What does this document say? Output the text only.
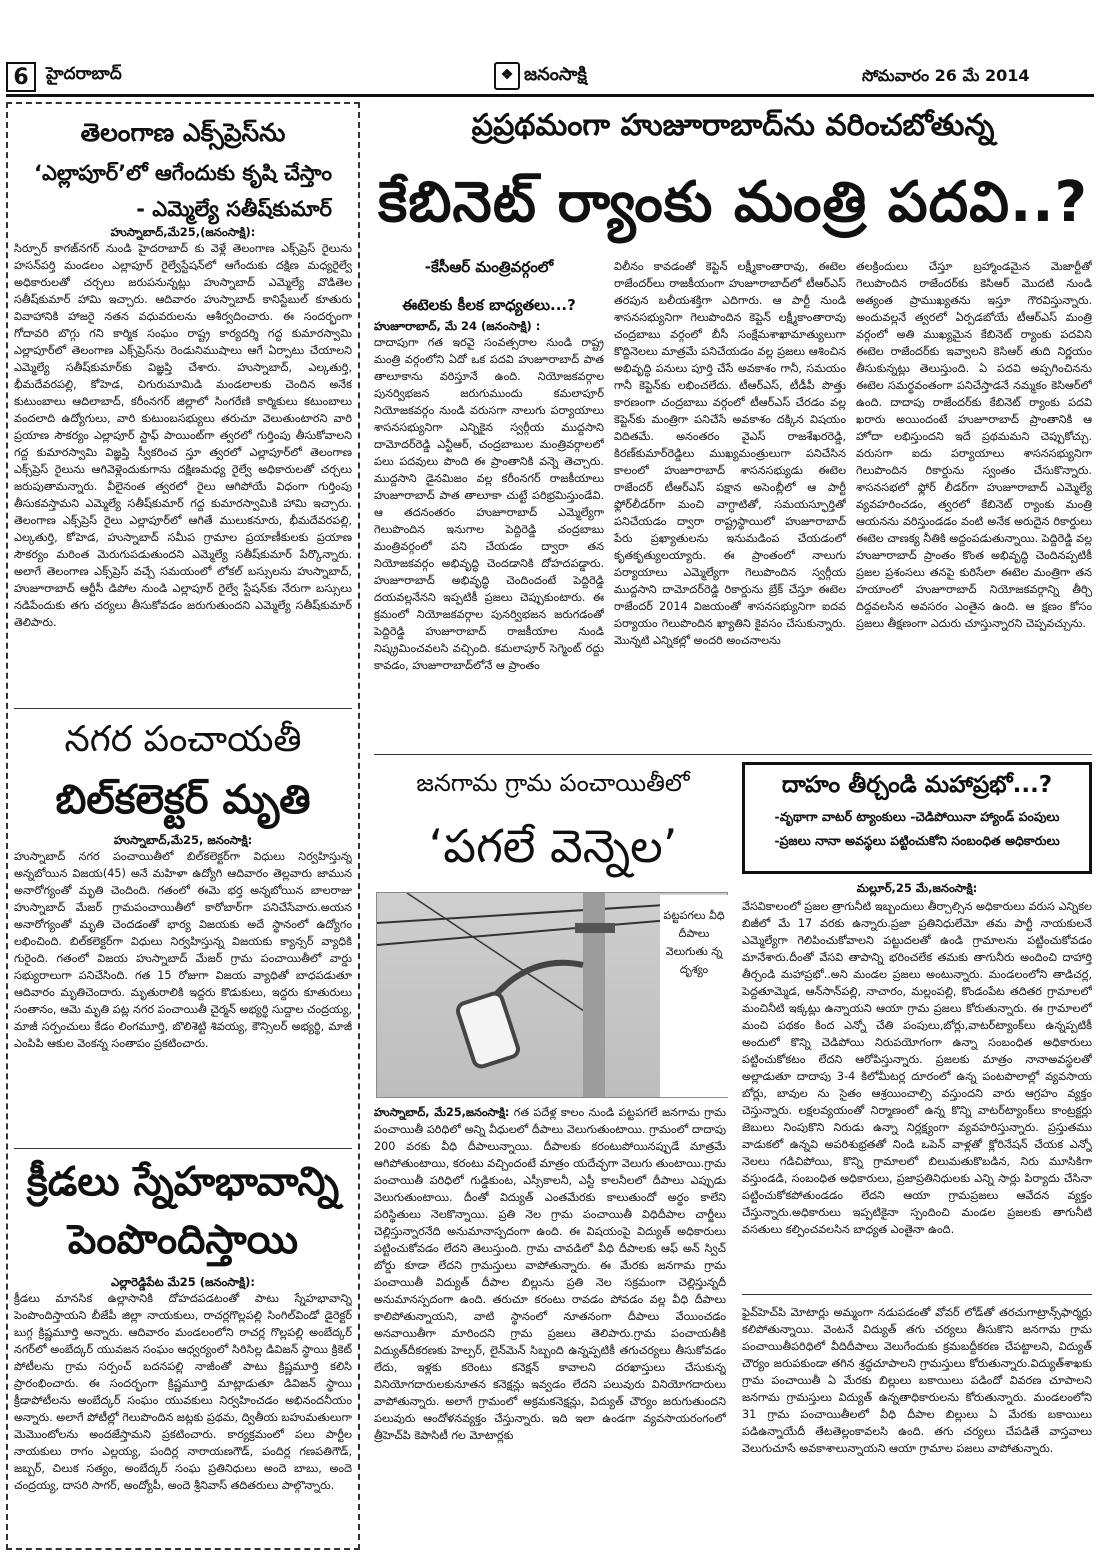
6	హైదరాబాద్	❖ జనంసాక్షి	సోమవారం 26 మే 2014
తెలంగాణ ఎక్స్‌ప్రెస్‌ను
‘ఎల్లాపూర్’లో ఆగేందుకు కృషి చేస్తాం
- ఎమ్మెల్యే సతీష్‌కుమార్
హుస్నాబాద్,మే25,(జనంసాక్షి):
సిర్పూర్ కాగజ్‌నగర్ నుండి హైదరాబాద్ కు వెళ్లే తెలంగాణ ఎక్స్‌ప్రెస్ రైలును హసన్‌పర్తి మండలం ఎల్లాపూర్ రైల్వేస్టేషన్‌లో ఆగేందుకు దక్షిణ మధ్యరైల్వే అధికారులతో చర్చలు జరుపనున్నట్లు హుస్నాబాద్ ఎమ్మెల్యే వొడితెల సతీష్‌కుమార్ హామి ఇచ్చారు. ఆదివారం హుస్నాబాద్ కానిస్టేబుల్ కూతురు వివాహానికి హాజరై నతన వధువరులను ఆశీర్వదించారు. ఈ సందర్భంగా గోదావరి బొగ్గు గని కార్మిక సంఘం రాష్ట్ర కార్యదర్శి గద్ద కుమారస్వామి ఎల్లాపూర్‌లో తెలంగాణ ఎక్స్‌ప్రెస్‌ను రెండునిముషాలు ఆగే ఏర్పాటు చేయాలని ఎమ్మెల్యే సతీష్‌కుమార్‌కు విజ్ఞప్తి చేశారు. హుస్నాబాద్, ఎల్కతుర్తి, భీమదేవరపల్లి, కోహెడ, చిగురుమామిడి మండలాలకు చెందిన అనేక కుటుంబాలు ఆదిలాబాద్, కరీంనగర్ జిల్లాలో సింగరేణి కార్మికులు కటుంబాలు వందలాది ఉద్యోగులు, వారి కుటుంబసభ్యులు తరుచూ వెలుతుంటారని వారి ప్రయాణ సౌకర్యం ఎల్లాపూర్ స్టాఫ్ పాయింట్‌గా త్వరలో గుర్తింపు తీసుకోవాలని గద్ద కుమారస్వామి విజ్ఞప్తి స్వీకరించ స్తూ త్వరలో ఎల్లాపూర్‌లో తెలంగాణ ఎక్స్‌ప్రెస్ రైలును ఆగివెళ్లెందుకుగాను దక్షిణమధ్య రైల్వే అధికారులతో చర్చలు జరుపుతామన్నారు. వీలైనంత త్వరలో రైలు ఆగిపోయే విధంగా గుర్తింపు తీసుకవస్తామని ఎమ్మెల్యే సతీష్‌కుమార్ గద్ద కుమారస్వామికి హామి ఇచ్చారు. తెలంగాణ ఎక్స్‌ప్రెస్ రైలు ఎల్లాపూర్‌లో ఆగితే ములుకనూరు, భీమదేవరపల్లి, ఎల్కతుర్తి, కోహెడ, హుస్నాబాద్ సమీప గ్రామాల ప్రయాణీకులకు ప్రయాణ సౌకర్యం మరింత మెరుగుపడుతుందని ఎమ్మెల్యే సతీష్‌కుమార్ పేర్కొన్నారు. అలాగే తెలంగాణ ఎక్స్‌ప్రెస్ వచ్చే సమయంలో లోకల్ బస్సులను హుస్నాబాద్, హుజూరాబాద్ ఆర్టీసీ డిపోల నుండి ఎల్లాపూర్ రైల్వే స్టేషన్‌కు నేరుగా బస్సులు నడిపేందుకు తగు చర్యలు తీసుకోవడం జరుగుతుందని ఎమ్మెల్యే సతీష్‌కుమార్ తెలిపారు.
నగర పంచాయతీ
బిల్‌కలెక్టర్ మృతి
హుస్నాబాద్,మే25, జనంసాక్షి:
హుస్నాబాద్ నగర పంచాయితీలో బిల్‌కలెక్టర్‌గా విధులు నిర్వహిస్తున్న అన్నబోయిన విజయ(45) అనే మహిళా ఉద్యోగి ఆదివారం తెల్లవారు జామున అనారోగ్యంతో మృతి చెందింది. గతంలో ఈమె భర్త అన్నబోయిన బాలరాజు హుస్నాబాద్ మేజర్ గ్రామపంచాయితీలో కారోబార్‌గా పనిచేసేవారు.అయన అనారోగ్యంతో మృతి చెందడంతో భార్య విజయకు అదే స్థానంలో ఉద్యోగం లభించింది. బిల్‌కలెక్టర్‌గా విధులు నిర్వహిస్తున్న విజయకు క్యాన్సర్ వ్యాధికి గురైంది. గతంలో విజయ హుస్నాబాద్ మేజర్ గ్రామ పంచాయితీలో వార్డు సభ్యురాలుగా పనిచేసింది. గత 15 రోజుగా విజయ వ్యాధితో బాధపడుతూ ఆదివారం మృతిచెందారు. మృతురాలికి ఇద్దరు కొడుకులు, ఇద్దరు కూతురులు సంతానం, ఆమె మృతి పట్ల నగర పంచాయితీ చైర్మన్ అభ్యర్థి సుద్దాల చంద్రయ్య, మాజీ సర్పంచులు కేడం లింగమూర్తి, బొలిశెట్టి శివయ్య, కౌన్సిలర్ అభ్యర్థి, మాజీ ఎంపిపి ఆకుల వెంకన్న సంతాపం ప్రకటించారు.
క్రీడలు స్నేహభావాన్ని
పెంపొందిస్తాయి
ఎల్లారెడ్డిపేట మే25 (జనంసాక్షి):
క్రీడలు మానసిక ఉల్లాసానికి దోహదపడటంతో పాటు స్నేహభావాన్ని పెంపొందిస్తాయని బీజేపీ జిల్లా నాయకులు, రాచర్లగొల్లపల్లి సింగిల్‌విండో డైరెక్టర్ బుగ్గ క్రిష్ణమూర్తి అన్నారు. ఆదివారం మండలంలోని రాచర్ల గొల్లపల్లి అంబేద్కర్ నగర్‌లో అంబేద్కర్ యువజన సంఘం ఆధ్వర్యంలో సిరిసిల్ల డివిజన్ స్థాయి క్రికెట్ పోటీలను గ్రామ సర్పంచ్ బదనపల్లి నాజీంతో పాటు క్రిష్ణమూర్తి కలిసి ప్రారంభించారు. ఈ సందర్భంగా క్రిష్ణమూర్తి మాట్లాడుతూ డివిజన్ స్థాయి క్రీడాపోటీలను అంబేద్కర్ సంఘం యువకులు నిర్వహించడం అభినందనీయం అన్నారు. అలాగే పోటీల్లో గెలుపొందిన జట్లకు ప్రథమ, ద్వితీయ బహుమతులుగా మెమొంటోలను అందజేస్తామని ప్రకటించారు. కార్యక్రమంలో పలు పార్టీల నాయకులు రాగం ఎల్లయ్య, పందిర్ల నారాయణగౌడ్, పందిర్ల గణపతిగౌడ్, జబ్బర్, చిలుక సత్యం, అంబేద్కర్ సంఘ ప్రతినిధులు అందె బాబు, అందె చంద్రయ్య, దాసరి సాగర్, అంద్యోపీ, అందె శ్రీనివాస్ తదితరులు పాల్గొన్నారు.
ప్రప్రథమంగా హుజూరాబాద్‌ను వరించబోతున్న
కేబినెట్ ర్యాంకు మంత్రి పదవి..?
-కేసీఆర్ మంత్రివర్గంలో
ఈటెలకు కీలక బాధ్యతలు...?
హుజూరాబాద్, మే 24 (జనంసాక్షి) :
దాదాపుగా గత ఇరవై సంవత్సరాల నుండి రాష్ట్ర మంత్రి వర్గంలోని ఏదో ఒక పదవి హుజూరాబాద్ పాత తాలూకాను వరిస్తూనే ఉంది. నియోజకవర్గాల పునర్విభజన జరుగుముందు కమలాపూర్ నియోజకవర్గం నుండి వరుసగా నాలుగు పర్యాయాలు శాసనసభ్యునిగా ఎన్నికైన స్వర్గీయ ముద్దసాని దామోదర్‌రెడ్డి ఎన్టీఆర్, చంద్రబాబుల మంత్రివర్గాలలో పలు పదవులు పొంది ఈ ప్రాంతానికి వన్నె తెచ్చారు. ముద్దసాని డైనమిజం వల్ల కరీంనగర్ రాజకీయాలు హుజూరాబాద్ పాత తాలూకా చుట్టే పరిభ్రమిస్తుండేవి. ఆ తదనంతరం హుజూరాబాద్ ఎమ్మెల్యేగా గెలుపొందిన ఇనుగాల పెద్దిరెడ్డి చంద్రబాబు మంత్రివర్గంలో పని చేయడం ద్వారా తన నియోజకవర్గం అభివృద్ధి చెందడానికి దోహదపడ్డారు. హుజూరాబాద్ అభివృద్ధి చెందిందంటే పెద్దిరెడ్డి దయవల్లనేనని ఇప్పటికీ ప్రజలు చెప్పుకుంటారు. ఈ క్రమంలో నియోజకవర్గాల పునర్విభజన జరుగడంతో పెద్దిరెడ్డి హుజూరాబాద్ రాజకీయాల నుండి నిష్క్రమించవలసి వచ్చింది. కమలాపూర్ సెగ్మెంట్ రద్దు కావడం, హుజూరాబాద్‌లోనే ఆ ప్రాంతం
విలీనం కావడంతో కెప్టెన్ లక్ష్మీకాంతారావు, ఈటెల రాజేందర్‌లు రాజకీయంగా హుజూరాబాద్‌లో టీఆర్‌ఎస్ తరపున బలీయశక్తిగా ఎదిగారు. ఆ పార్టీ నుండి శాసనసభ్యునిగా గెలుపొందిన కెప్టెన్ లక్ష్మీకాంతారావు చంద్రబాబు వర్గంలో బీసీ సంక్షేమశాఖామాత్యులుగా కొద్దినెలలు మాత్రమే పనిచేయడం వల్ల ప్రజలు ఆశించిన అభివృద్ధి పనులు పూర్తి చేసే అవకాశం గానీ, సమయం గానీ కెప్టెన్‌కు లభించలేదు. టీఆర్‌ఎస్, టీడీపీ పొత్తు కారణంగా చంద్రబాబు వర్గంలో టీఆర్‌ఎస్ చేరడం వల్ల కెప్టెన్‌కు మంత్రిగా పనిచేసే అవకాశం దక్కిన విషయం విదితమే. అనంతరం వైఎస్ రాజశేఖరరెడ్డి, కిరణ్‌కుమార్‌రెడ్డిలు ముఖ్యమంత్రులుగా పనిచేసిన కాలంలో హుజూరాబాద్ శాసనసభ్యుడు ఈటెల రాజేందర్ టీఆర్‌ఎస్ పక్షాన అసెంబ్లీలో ఆ పార్టీ ఫ్లోర్‌లీడర్‌గా మంచి వాగ్ధాటితో, సమయస్ఫూర్తితో పనిచేయడం ద్వారా రాష్ట్రస్థాయిలో హుజూరాబాద్ పేరు ప్రఖ్యాతులను ఇనుమడింప చేయడంలో కృతకృత్యులయ్యారు. ఈ ప్రాంతంలో నాలుగు పర్యాయాలు ఎమ్మెల్యేగా గెలుపొందిన స్వర్గీయ ముద్దసాని దామోదర్‌రెడ్డి రికార్డును బ్రేక్ చేస్తూ ఈటెల రాజేందర్ 2014 విజయంతో శాసనసభ్యునిగా ఐదవ పర్యాయం గెలుపొందిన ఖ్యాతిని కైవసం చేసుకున్నారు. మొన్నటి ఎన్నికల్లో అందరి అంచనాలను
తలక్రిందులు చేస్తూ బ్రహ్మాండమైన మెజార్టీతో గెలుపొందిన రాజేందర్‌కు కెసిఆర్ మొదటి నుండి అత్యంత ప్రాముఖ్యతను ఇస్తూ గౌరవిస్తున్నారు. అందువల్లనే త్వరలో ఏర్పడబోయే టీఆర్‌ఎస్ మంత్రి వర్గంలో అతి ముఖ్యమైన కేబినెట్ ర్యాంకు పదవిని ఈటెల రాజేందర్‌కు ఇవ్వాలని కెసిఆర్ తుది నిర్ణయం తీసుకున్నట్లు తెలుస్తుంది. ఏ పదవి అప్పగించినను ఈటెల సమర్థవంతంగా పనిచేస్తాడనే నమ్మకం కెసిఆర్‌లో ఉంది. దాదాపు రాజేందర్‌కు కేబినెట్ ర్యాంకు పదవి ఖరారు అయిందంటే హుజూరాబాద్ ప్రాంతానికి ఆ హోదా లభిస్తుందని ఇదే ప్రథమమని చెప్పుకోచ్చు. వరుసగా ఐదు పర్యాయాలు శాసనసభ్యునిగా గెలుపొందిన రికార్డును స్వంతం చేసుకొన్నారు. శాసనసభలో ఫ్లోర్ లీడర్‌గా హుజూరాబాద్ ఎమ్మెల్యే వ్యవహరించడం, త్వరలో కేబినెట్ ర్యాంకు మంత్రి ఆయనను వరిస్తుండడం వంటి అనేక అరుదైన రికార్డులు ఈటెల చాణక్య నీతికి అద్దంపడుతున్నాయి. పెద్దిరెడ్డి వల్ల హుజూరాబాద్ ప్రాంతం కొంత అభివృద్ధి చెందినప్పటికీ ప్రజల ప్రశంసలు తనపై కురిసేలా ఈటెల మంత్రిగా తన హయాంలో హుజూరాబాద్ నియోజకవర్గాన్ని తీర్చి దిద్దవలసిన అవసరం ఎంతైన ఉంది. ఆ క్షణం కోసం ప్రజలు తీక్షణంగా ఎదురు చూస్తున్నారని చెప్పవచ్చును.
జనగామ గ్రామ పంచాయితీలో
‘పగలే వెన్నెల’
పట్టపగలు వీధి దీపాలు వెలుగుతు న్న దృశ్యం
హుస్నాబాద్, మే25,జనంసాక్షి: గత పదేళ్ల కాలం నుండి పట్టపగలే జనగామ గ్రామ పంచాయితీ పరిధిలో అన్ని వీధులలో దీపాలు వెలుగుతుంటాయి. గ్రామంలో దాదాపు 200 వరకు వీధి దీపాలున్నాయి. దీపాలకు కరంటుపోయినప్పుడే మాత్రమే ఆగిపోతుంటాయి, కరంటు వచ్చిందంటే మాత్రం యదేచ్ఛగా వెలుగు తుంటాయి.గ్రామ పంచాయితీ పరిధిలో గుడ్డికుంట, ఎస్సీకాలనీ, ఎస్టీ కాలనీలలో దీపాలు ఎప్పుడు వెలుగుతుంటాయి. దీంతో విద్యుత్ ఎంతమేరకు కాలుతుందో అర్థం కాలేని పరిస్థితులు నెలకొన్నాయి. ప్రతి నెల గ్రామ పంచాయితీ విధిదీపాల చార్జీలు చెల్లిస్తున్నారనేది అనుమానాస్పదంగా ఉంది. ఈ విషయంపై విద్యుత్ అధికారులు పట్టించుకోవడం లేదని తెలుస్తుంది. గ్రామ చావడిలో వీధి దీపాలకు ఆఫ్ అన్ స్విచ్ బోర్డు కూడా లేదని గ్రామస్తులు వాపోతున్నారు. ఈ మేరకు జనగామ గ్రామ పంచాయితీ విద్యుత్ దీపాల బిల్లును ప్రతి నెల సక్రమంగా చెల్లిస్తున్నదీ అనుమానస్పదంగా ఉంది. తరుచూ కరంటు రావడం పోవడం వల్ల వీధి దీపాలు కాలిపోతున్నాయని, వాటి స్థానంలో నూతనంగా దీపాలు వేయించడం అనవాయితీగా మారిందని గ్రామ ప్రజలు తెలిపారు.గ్రామ పంచాయతీకి విద్యుత్‌దీకరణకు హెల్పర్, లైన్‌మెన్ సిబ్బంది ఉన్నప్పటికీ తగుచర్యలు తీసుకోవడం లేదు, ఇళ్లకు కరెంటు కనెక్షన్ కావాలని దరఖాస్తులు చేసుకున్న వినియోగదారులకునూతన కనెక్షన్లు ఇవ్వడం లేదని పలువురు వినియోగదారులు వాపోతున్నారు. అలాగే గ్రామంలో అక్రమకనెక్షన్లు, విద్యుత్ చౌర్యం జరుగుతుందని పలువురు ఆందోళనవ్యక్తం చేస్తున్నారు. ఇది ఇలా ఉండగా వ్యవసాయరంగంలో త్రీహెచ్‌పి కెపాసిటీ గల మోటార్లకు
దాహం తీర్చండి మహాప్రభో...?
-వృథాగా వాటర్ ట్యాంకులు -చెడిపోయినా హ్యాండ్ పంపులు
-ప్రజలు నానా అవస్థలు పట్టించుకోని సంబంధిత అధికారులు
మల్లూర్,25 మే,జనంసాక్షి:
వేసవికాలంలో ప్రజల త్రాగునీటి ఇబ్బందులు తీర్చాల్సిన అధికారులు వరుస ఎన్నికల బిజీలో మే 17 వరకు ఉన్నారు.ప్రజా ప్రతినిధులేమో తమ పార్టీ నాయకులనే ఎమ్మెల్యేగా గెలిపించుకోవాలని పట్టుదలతో ఉండి గ్రామాలను పట్టించుకోవడం మానేశారు.దీంతో వేసవి తాపాన్ని భరించలేక తమకు తాగునీరు అందించి దాహార్తి తీర్చండి మహాప్రభో..అని మండల ప్రజలు అంటున్నారు. మండలంలోని తాడిచర్ల, పెద్దతూమ్మెడ, ఆన్‌సాన్‌పల్లి, నాచారం, మల్లంపల్లి, కొండంపేట తదితర గ్రామాలలో మంచినీటి ఇక్కట్లు ఉన్నాయని ఆయా గ్రామ ప్రజలు కోరుతున్నారు. ఈ గ్రామాలలో మంచి పథకం కింద ఎన్నో చేతి పంపులు,బోర్లు,వాటర్‌ట్యాంక్‌లు ఉన్నప్పటికీ అందులో కొన్ని చెడిపోయి నిరుపయోగంగా ఉన్నా సంబంధిత అధికారులు పట్టించుకోకటం లేదని ఆరోపిస్తున్నారు. ప్రజలకు మాత్రం నానాఅవస్థలతో అల్లాడుతూ దాదాపు 3-4 కిలోమీటర్ల దూరంలో ఉన్న పంటపొలాల్లో వ్యవసాయ బోర్లు, బావుల ను సైతం ఆశ్రయించాల్సి వస్తుందని వారు ఆగ్రహం వ్యక్తం చెస్తున్నారు. లక్షలవ్యయంతో నిర్మాణంలో ఉన్న కొన్ని వాటర్‌ట్యాంక్‌లు కాంట్రక్టర్లు జెబులు నింపుకొని నిరుడు ఉన్నా నిర్లక్ష్యంగా వ్యవహరిస్తున్నారు. ప్రస్తుతము వాడుకలో ఉన్నవి అపరిశుభ్రతతో నిండి ఒపెన్ వాళ్లతో క్లోరినేషన్ చేయక ఎన్నో నెలలు గడిచిపోయి, కొన్ని గ్రామాలలో బిలుమతుకొబడిన, నిరు మూసికిగా వస్తుండడి, సంబంధిత అధికారులు, ప్రజాప్రతినిధులకు ఎన్ని సార్లు పిర్యాదు చేసినా పట్టించుకోకపోతుండడం లేదని ఆయా గ్రామప్రజలు ఆవేదన వ్యక్తం చేస్తున్నారు.అధికారులు ఇప్పటికైనా స్పందించి మండల ప్రజలకు తాగునీటి వసతులు కల్పించవలసిన బాధ్యత ఎంతైనా ఉంది.
ఫైవ్‌హెచ్‌పి మోటార్లు అమ్మంగా నడుపడంతో వోవర్ లోడ్‌తో తరచుగాట్రాన్స్‌ఫార్మర్లు కలిపోతున్నాయి. వెంటనే విద్యుత్ తగు చర్యలు తీసుకొని జనగామ గ్రామ పంచాయితీపరిధిలో వీదిదీపాలు వెలుగేందుకు క్రమబద్దీకరణ చేపట్టాలని, విద్యుత్ చౌర్యం జరుపకుండా తగిన శ్రద్ధచూపాలని గ్రామస్తులు కోరుతున్నారు.విద్యుత్‌శాఖకు గ్రామ పంచాయితీ ఏ మేరకు బిల్లులు బకాయిలు పడిందో వివరణ చూపాలని జనగామ గ్రామస్తులు విద్యుత్ ఉన్నతాధికారులను కోరుతున్నారు. మండలంలోని 31 గ్రామ పంచాయితీలలో వీధి దీపాల బిల్లులు ఏ మేరకు బకాయిలు పడిఉన్నాయేదీ తేటతెల్లంకావలసి ఉంది. తగు చర్యలు చేపడితే వాస్తవాలు వెలుగుచూసే అవకాశాలున్నాయని ఆయా గ్రామాల పజలు వాపోతున్నారు.
